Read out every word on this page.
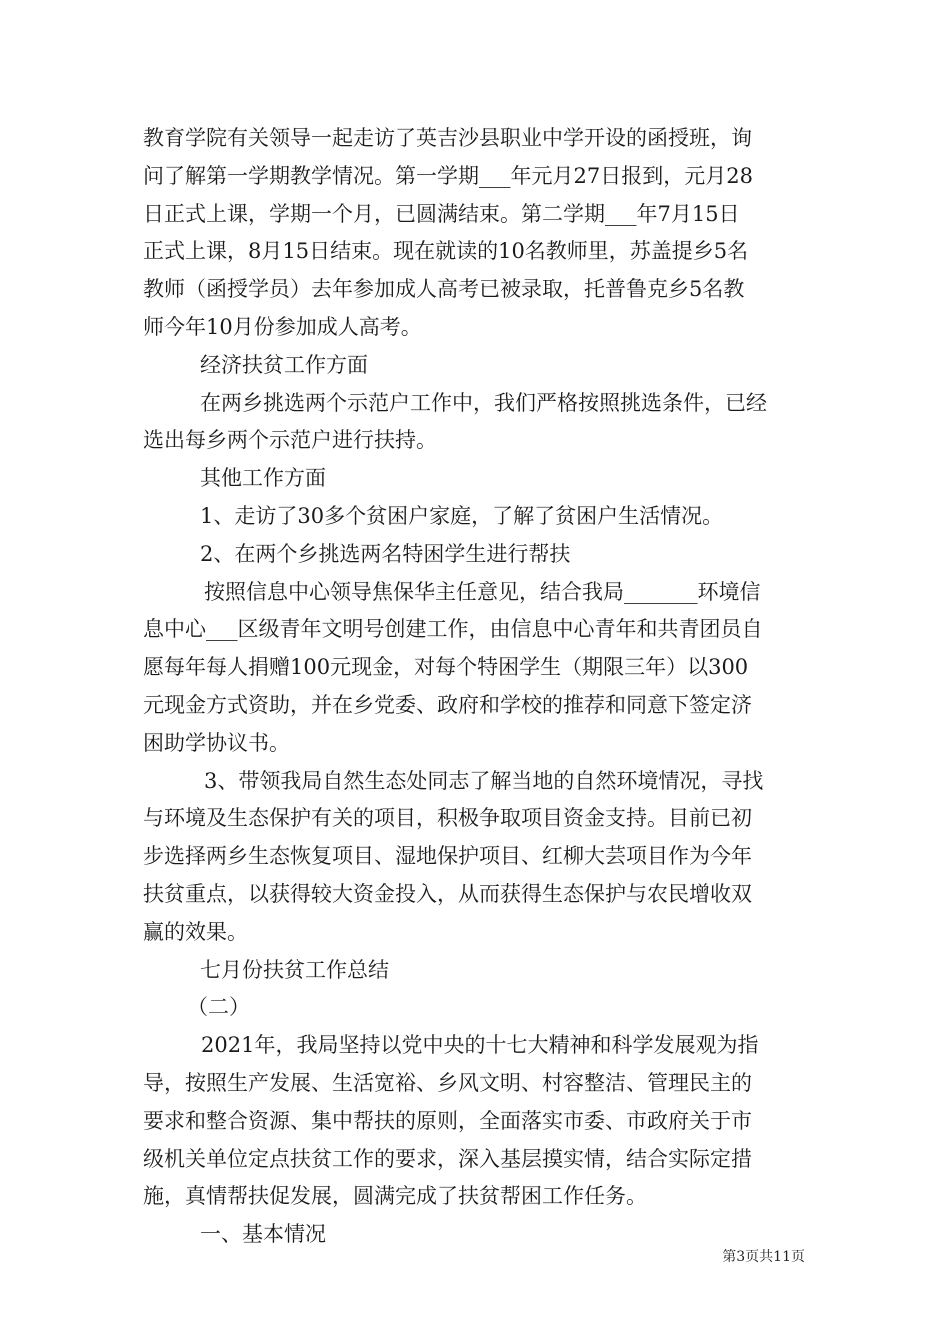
教育学院有关领导一起走访了英吉沙县职业中学开设的函授班，询

问了解第一学期教学情况。第一学期___年元月27日报到，元月28

日正式上课，学期一个月，已圆满结束。第二学期___年7月15日

正式上课，8月15日结束。现在就读的10名教师里，苏盖提乡5名

教师（函授学员）去年参加成人高考已被录取，托普鲁克乡5名教

师今年10月份参加成人高考。

经济扶贫工作方面

在两乡挑选两个示范户工作中，我们严格按照挑选条件，已经

选出每乡两个示范户进行扶持。

其他工作方面

1、走访了30多个贫困户家庭，了解了贫困户生活情况。

2、在两个乡挑选两名特困学生进行帮扶

按照信息中心领导焦保华主任意见，结合我局_______环境信

息中心___区级青年文明号创建工作，由信息中心青年和共青团员自

愿每年每人捐赠100元现金，对每个特困学生（期限三年）以300

元现金方式资助，并在乡党委、政府和学校的推荐和同意下签定济

困助学协议书。

3、带领我局自然生态处同志了解当地的自然环境情况，寻找

与环境及生态保护有关的项目，积极争取项目资金支持。目前已初

步选择两乡生态恢复项目、湿地保护项目、红柳大芸项目作为今年

扶贫重点，以获得较大资金投入，从而获得生态保护与农民增收双

赢的效果。

七月份扶贫工作总结

（二）

2021年，我局坚持以党中央的十七大精神和科学发展观为指

导，按照生产发展、生活宽裕、乡风文明、村容整洁、管理民主的

要求和整合资源、集中帮扶的原则，全面落实市委、市政府关于市

级机关单位定点扶贫工作的要求，深入基层摸实情，结合实际定措

施，真情帮扶促发展，圆满完成了扶贫帮困工作任务。

一、基本情况

第3页共11页
